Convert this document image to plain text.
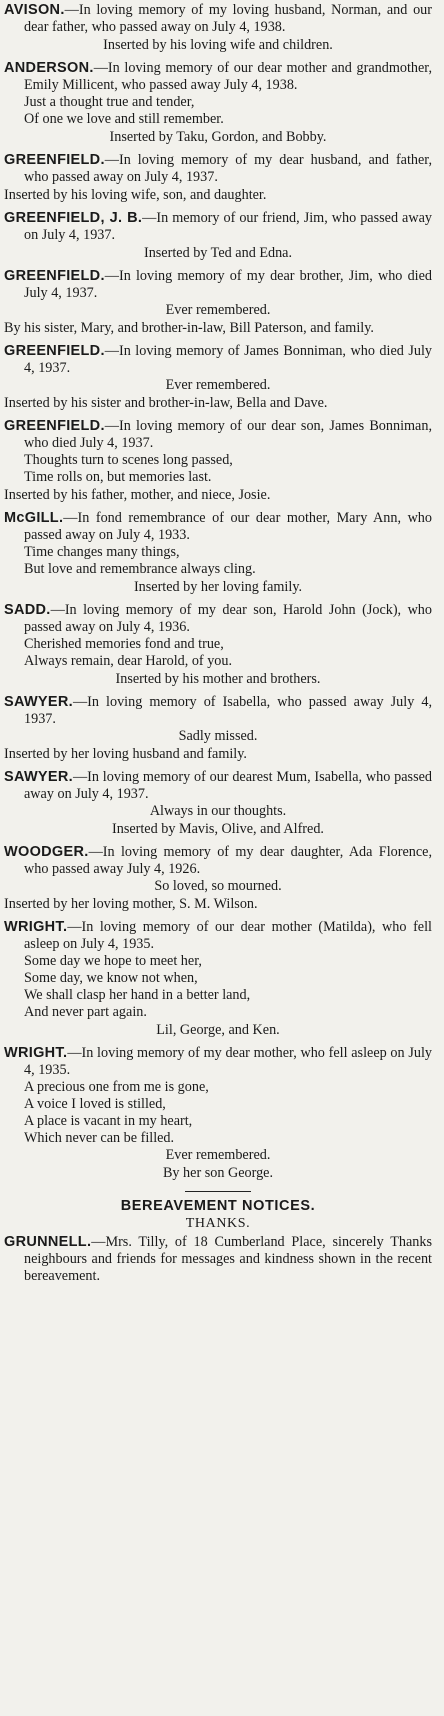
AVISON.—In loving memory of my loving husband, Norman, and our dear father, who passed away on July 4, 1938.
Inserted by his loving wife and children.
ANDERSON.—In loving memory of our dear mother and grandmother, Emily Millicent, who passed away July 4, 1938.
Just a thought true and tender,
Of one we love and still remember.
Inserted by Taku, Gordon, and Bobby.
GREENFIELD.—In loving memory of my dear husband, and father, who passed away on July 4, 1937.
Inserted by his loving wife, son, and daughter.
GREENFIELD, J. B.—In memory of our friend, Jim, who passed away on July 4, 1937.
Inserted by Ted and Edna.
GREENFIELD.—In loving memory of my dear brother, Jim, who died July 4, 1937.
Ever remembered.
By his sister, Mary, and brother-in-law, Bill Paterson, and family.
GREENFIELD.—In loving memory of James Bonniman, who died July 4, 1937.
Ever remembered.
Inserted by his sister and brother-in-law, Bella and Dave.
GREENFIELD.—In loving memory of our dear son, James Bonniman, who died July 4, 1937.
Thoughts turn to scenes long passed,
Time rolls on, but memories last.
Inserted by his father, mother, and niece, Josie.
McGILL.—In fond remembrance of our dear mother, Mary Ann, who passed away on July 4, 1933.
Time changes many things,
But love and remembrance always cling.
Inserted by her loving family.
SADD.—In loving memory of my dear son, Harold John (Jock), who passed away on July 4, 1936.
Cherished memories fond and true,
Always remain, dear Harold, of you.
Inserted by his mother and brothers.
SAWYER.—In loving memory of Isabella, who passed away July 4, 1937.
Sadly missed.
Inserted by her loving husband and family.
SAWYER.—In loving memory of our dearest Mum, Isabella, who passed away on July 4, 1937.
Always in our thoughts.
Inserted by Mavis, Olive, and Alfred.
WOODGER.—In loving memory of my dear daughter, Ada Florence, who passed away July 4, 1926.
So loved, so mourned.
Inserted by her loving mother, S. M. Wilson.
WRIGHT.—In loving memory of our dear mother (Matilda), who fell asleep on July 4, 1935.
Some day we hope to meet her,
Some day, we know not when,
We shall clasp her hand in a better land,
And never part again.
Lil, George, and Ken.
WRIGHT.—In loving memory of my dear mother, who fell asleep on July 4, 1935.
A precious one from me is gone,
A voice I loved is stilled,
A place is vacant in my heart,
Which never can be filled.
Ever remembered.
By her son George.
BEREAVEMENT NOTICES.
THANKS.
GRUNNELL.—Mrs. Tilly, of 18 Cumberland Place, sincerely Thanks neighbours and friends for messages and kindness shown in the recent bereavement.
